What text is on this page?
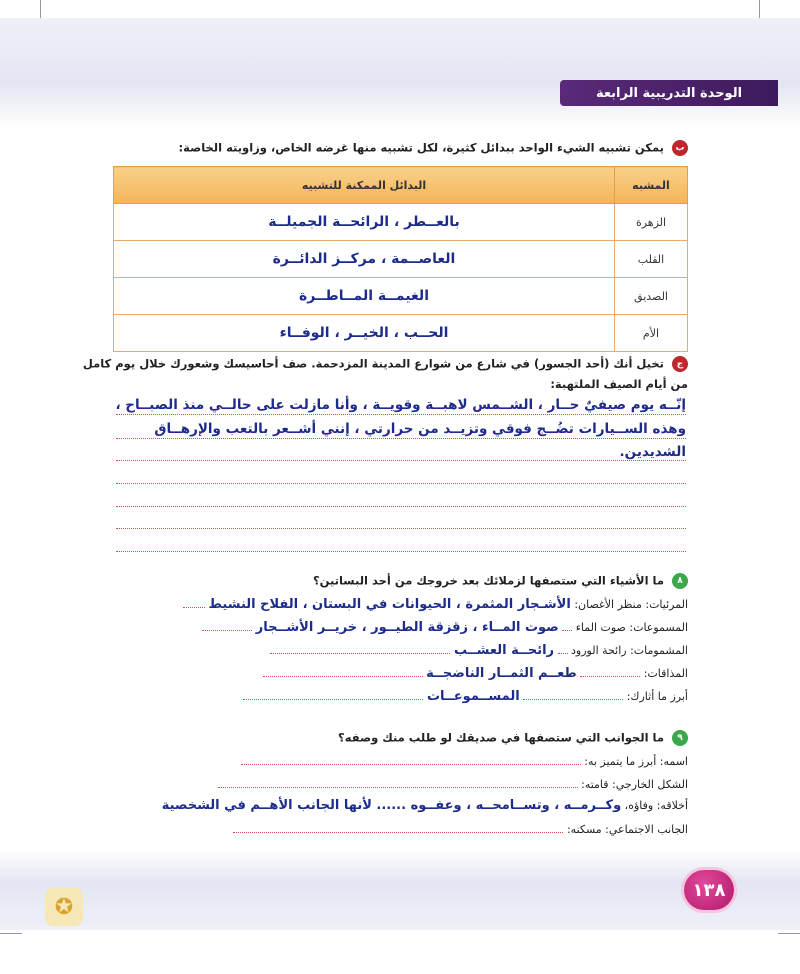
الوحدة التدريبية الرابعة
ب يمكن تشبيه الشيء الواحد ببدائل كثيرة، لكل تشبيه منها غرضه الخاص، وزاويته الخاصة:
المشبه	البدائل الممكنة للتشبيه
الزهرة	بالعــطر ، الرائحــة الجميلــة
القلب	العاصــمة ، مركــز الدائــرة
الصديق	الغيمــة المــاطــرة
الأم	الحــب ، الخيــر ، الوفــاء
ج تخيل أنك (أحد الجسور) في شارع من شوارع المدينة المزدحمة. صف أحاسيسك وشعورك خلال يوم كامل
من أيام الصيف الملتهبة:
إنّــه يوم صيفيٌ حــار ، الشــمس لاهبــة وقويــة ، وأنا مازلت على حالــي منذ الصبــاح ،
وهذه الســيارات تضُــج فوقي وتزيــد من حرارتي ، إنني أشــعر بالتعب والإرهــاق
الشديدين.
٨ ما الأشياء التي ستصفها لزملائك بعد خروجك من أحد البساتين؟
المرئيات: منظر الأغصان: الأشـجار المثمرة ، الحيوانات في البستان ، الفلاح النشيط
المسموعات: صوت الماء  صوت المــاء ، زقزقة الطيــور ، خريــر الأشــجار
المشمومات: رائحة الورود  رائحــة العشــب
المذاقات:  طعــم الثمــار الناضجــة
أبرز ما أثارك:  المســموعــات
٩ ما الجوانب التي ستصفها في صديقك لو طلب منك وصفه؟
اسمه: أبرز ما يتميز به:
الشكل الخارجي: قامته:
أخلاقه: وفاؤه، وكــرمــه ، وتســامحــه ، وعفــوه ...... لأنها الجانب الأهــم في الشخصية
الجانب الاجتماعي: مسكنه:
١٣٨
✪
